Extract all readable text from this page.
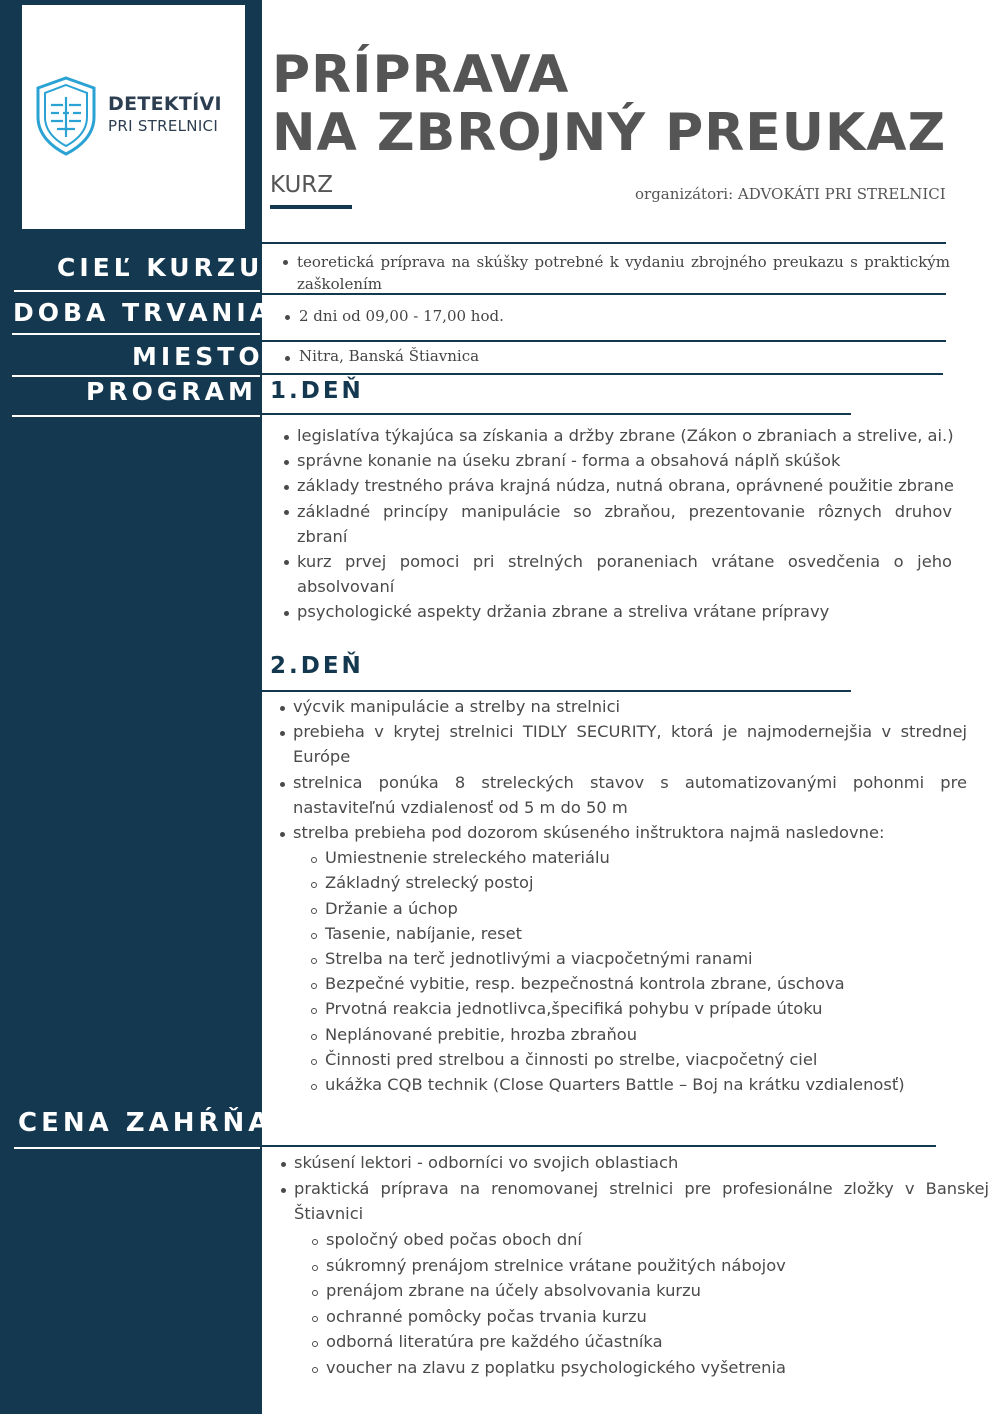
DETEKTÍVI
PRI STRELNICI
PRÍPRAVA
NA ZBROJNÝ PREUKAZ
KURZ	organizátori: ADVOKÁTI PRI STRELNICI
CIEĽ KURZU
DOBA TRVANIA
MIESTO
PROGRAM
CENA ZAHŔŇA
teoretická príprava na skúšky potrebné k vydaniu zbrojného preukazu s praktickým zaškolením
2 dni od 09,00 - 17,00 hod.
Nitra, Banská Štiavnica
1.DEŇ
legislatíva týkajúca sa získania a držby zbrane (Zákon o zbraniach a strelive, ai.)
správne konanie na úseku zbraní - forma a obsahová náplň skúšok
základy trestného práva krajná núdza, nutná obrana, oprávnené použitie zbrane
základné princípy manipulácie so zbraňou, prezentovanie rôznych druhov zbraní
kurz prvej pomoci pri strelných poraneniach vrátane osvedčenia o jeho absolvovaní
psychologické aspekty držania zbrane a streliva vrátane prípravy
2.DEŇ
výcvik manipulácie a strelby na strelnici
prebieha v krytej strelnici TIDLY SECURITY, ktorá je najmodernejšia v strednej Európe
strelnica ponúka 8 streleckých stavov s automatizovanými pohonmi pre nastaviteľnú vzdialenosť od 5 m do 50 m
strelba prebieha pod dozorom skúseného inštruktora najmä nasledovne:
Umiestnenie streleckého materiálu
Základný strelecký postoj
Držanie a úchop
Tasenie, nabíjanie, reset
Strelba na terč jednotlivými a viacpočetnými ranami
Bezpečné vybitie, resp. bezpečnostná kontrola zbrane, úschova
Prvotná reakcia jednotlivca,špecifiká pohybu v prípade útoku
Neplánované prebitie, hrozba zbraňou
Činnosti pred strelbou a činnosti po strelbe, viacpočetný ciel
ukážka CQB technik (Close Quarters Battle – Boj na krátku vzdialenosť)
skúsení lektori - odborníci vo svojich oblastiach
praktická príprava na renomovanej strelnici pre profesionálne zložky v Banskej Štiavnici
spoločný obed počas oboch dní
súkromný prenájom strelnice vrátane použitých nábojov
prenájom zbrane na účely absolvovania kurzu
ochranné pomôcky počas trvania kurzu
odborná literatúra pre každého účastníka
voucher na zlavu z poplatku psychologického vyšetrenia
